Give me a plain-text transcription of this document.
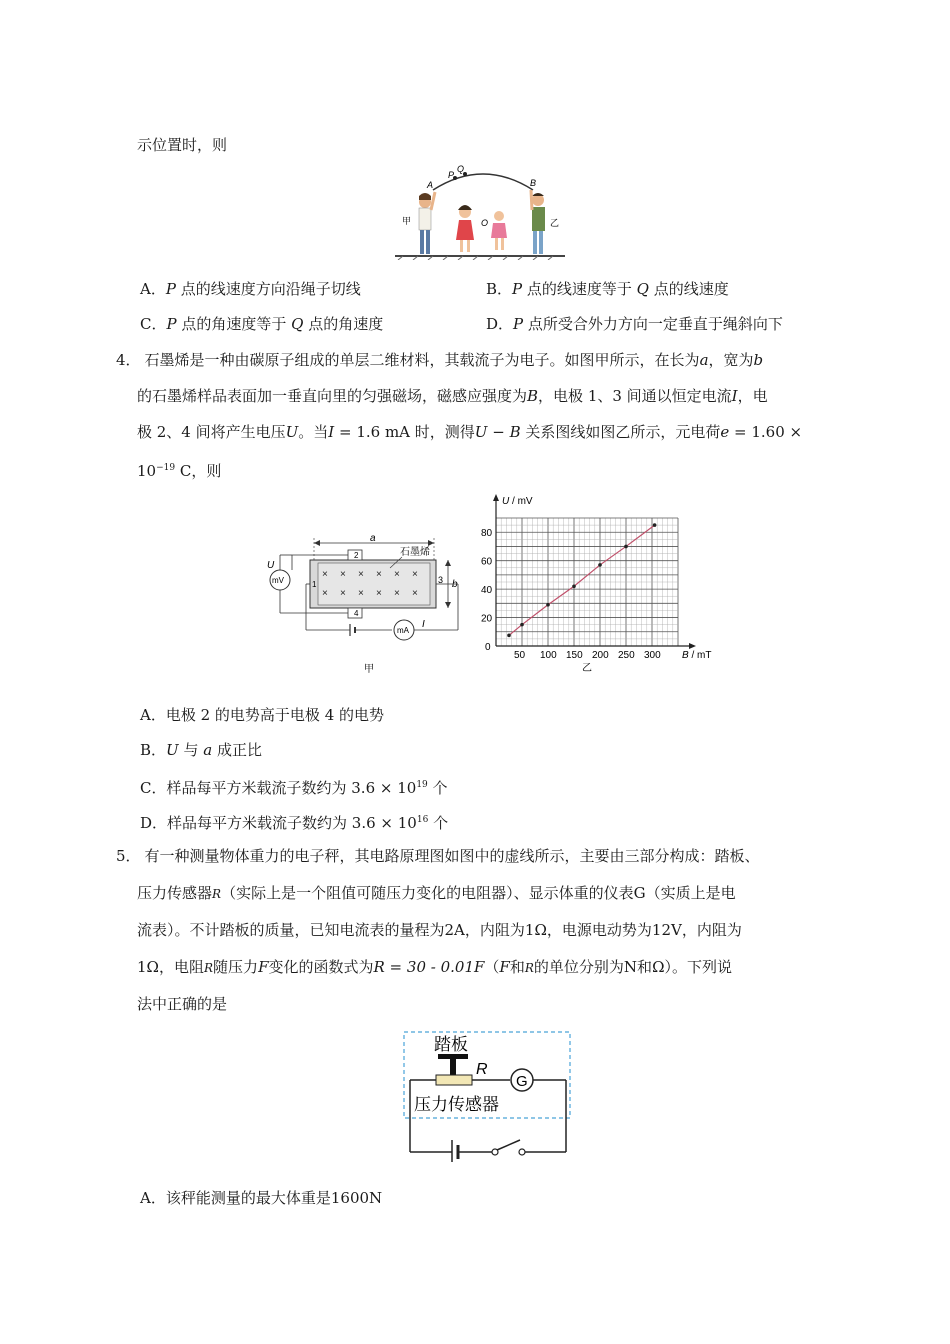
示位置时，则
A
P
Q
B
O
甲	乙
A．P 点的线速度方向沿绳子切线	B．P 点的线速度等于 Q 点的线速度
C．P 点的角速度等于 Q 点的角速度	D．P 点所受合外力方向一定垂直于绳斜向下
4． 石墨烯是一种由碳原子组成的单层二维材料，其载流子为电子。如图甲所示，在长为a，宽为b
的石墨烯样品表面加一垂直向里的匀强磁场，磁感应强度为B，电极 1、3 间通以恒定电流I，电
极 2、4 间将产生电压U。当I = 1.6 mA 时，测得U − B 关系图线如图乙所示，元电荷e = 1.60 ×
$10^{-19}$ C，则
a
× × × × × ×
× × × × × ×
石墨烯
2
4
1	3 b
mV
U
mA
I
甲
50 100 150 200 250 300
20
40
60
80
0
U / mV
B / mT
乙
A．电极 2 的电势高于电极 4 的电势
B．U 与 a 成正比
C．样品每平方米载流子数约为 $3.6 \times 10^{19}$ 个
D．样品每平方米载流子数约为 $3.6 \times 10^{16}$ 个
5． 有一种测量物体重力的电子秤，其电路原理图如图中的虚线所示，主要由三部分构成：踏板、
压力传感器R（实际上是一个阻值可随压力变化的电阻器）、显示体重的仪表G（实质上是电
流表）。不计踏板的质量，已知电流表的量程为2A，内阻为1Ω，电源电动势为12V，内阻为
1Ω，电阻R随压力F变化的函数式为R = 30 - 0.01F（F和R的单位分别为N和Ω）。下列说
法中正确的是
踏板
R
G
压力传感器
A．该秤能测量的最大体重是1600N
